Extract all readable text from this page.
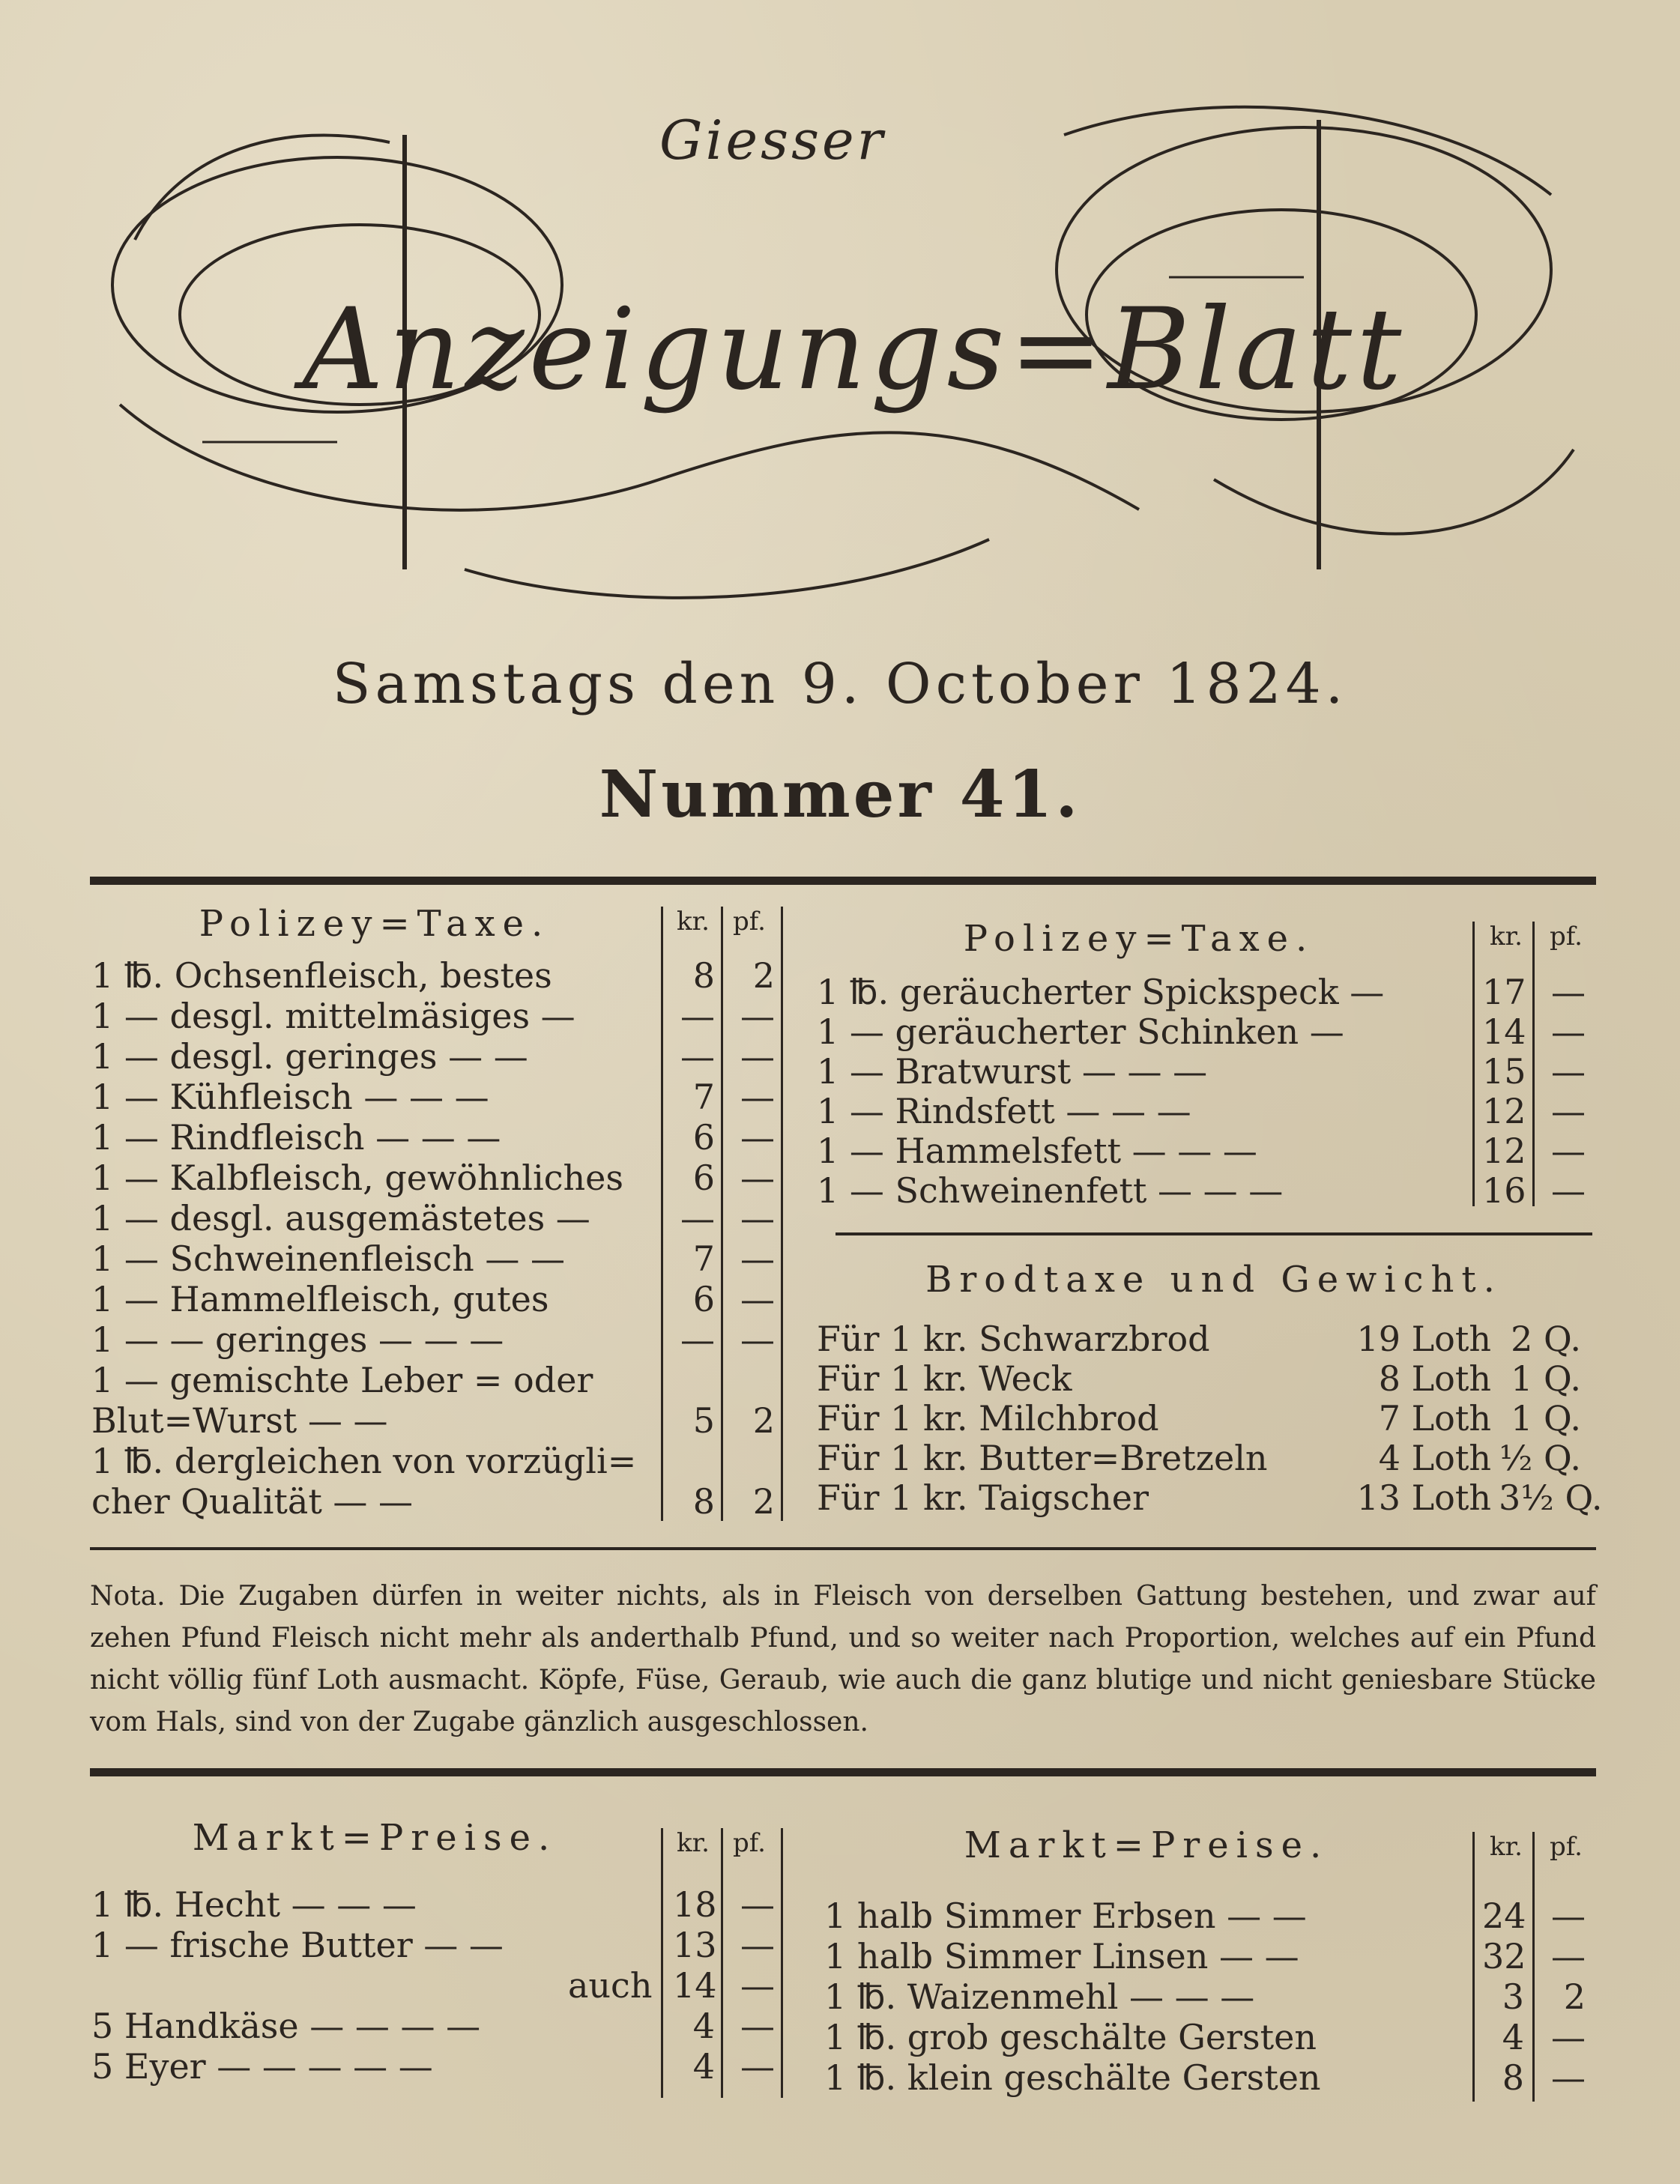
Giesser
Anzeigungs=Blatt
Samstags den 9. October 1824.
Nummer 41.
Polizey=Taxe.	kr. pf.
1 ℔. Ochsenfleisch, bestes	8	2
1 — desgl. mittelmäsiges —	— —
1 — desgl. geringes — —	— —
1 — Kühfleisch — — —	7 —
1 — Rindfleisch — — —	6 —
1 — Kalbfleisch, gewöhnliches	6 —
1 — desgl. ausgemästetes —	— —
1 — Schweinenfleisch — —	7 —
1 — Hammelfleisch, gutes	6 —
1 — — geringes — — —	— —
1 — gemischte Leber = oder
Blut=Wurst — —	5	2
1 ℔. dergleichen von vorzügli=
cher Qualität — —	8	2
Polizey=Taxe.	kr.	pf.
1 ℔. geräucherter Spickspeck —	17 —
1 — geräucherter Schinken —	14 —
1 — Bratwurst — — —	15 —
1 — Rindsfett — — —	12 —
1 — Hammelsfett — — —	12 —
1 — Schweinenfett — — —	16 —
Brodtaxe und Gewicht.
Für 1 kr. Schwarzbrod	19 Loth 2 Q.
Für 1 kr. Weck	8 Loth 1 Q.
Für 1 kr. Milchbrod	7 Loth 1 Q.
Für 1 kr. Butter=Bretzeln	4 Loth ½ Q.
Für 1 kr. Taigscher	13 Loth 3½ Q.
Nota. Die Zugaben dürfen in weiter nichts, als in Fleisch von derselben Gattung bestehen, und zwar auf zehen Pfund Fleisch nicht mehr als anderthalb Pfund, und so weiter nach Proportion, welches auf ein Pfund nicht völlig fünf Loth ausmacht. Köpfe, Füse, Geraub, wie auch die ganz blutige und nicht geniesbare Stücke vom Hals, sind von der Zugabe gänzlich ausgeschlossen.
Markt=Preise.	kr. pf.
1 ℔. Hecht — — —	18 —
1 — frische Butter — —	13 —
auch 14 —
5 Handkäse — — — —	4 —
5 Eyer — — — — —	4 —
Markt=Preise.	kr.	pf.
1 halb Simmer Erbsen — —	24 —
1 halb Simmer Linsen — —	32 —
1 ℔. Waizenmehl — — —	3	2
1 ℔. grob geschälte Gersten	4 —
1 ℔. klein geschälte Gersten	8 —
